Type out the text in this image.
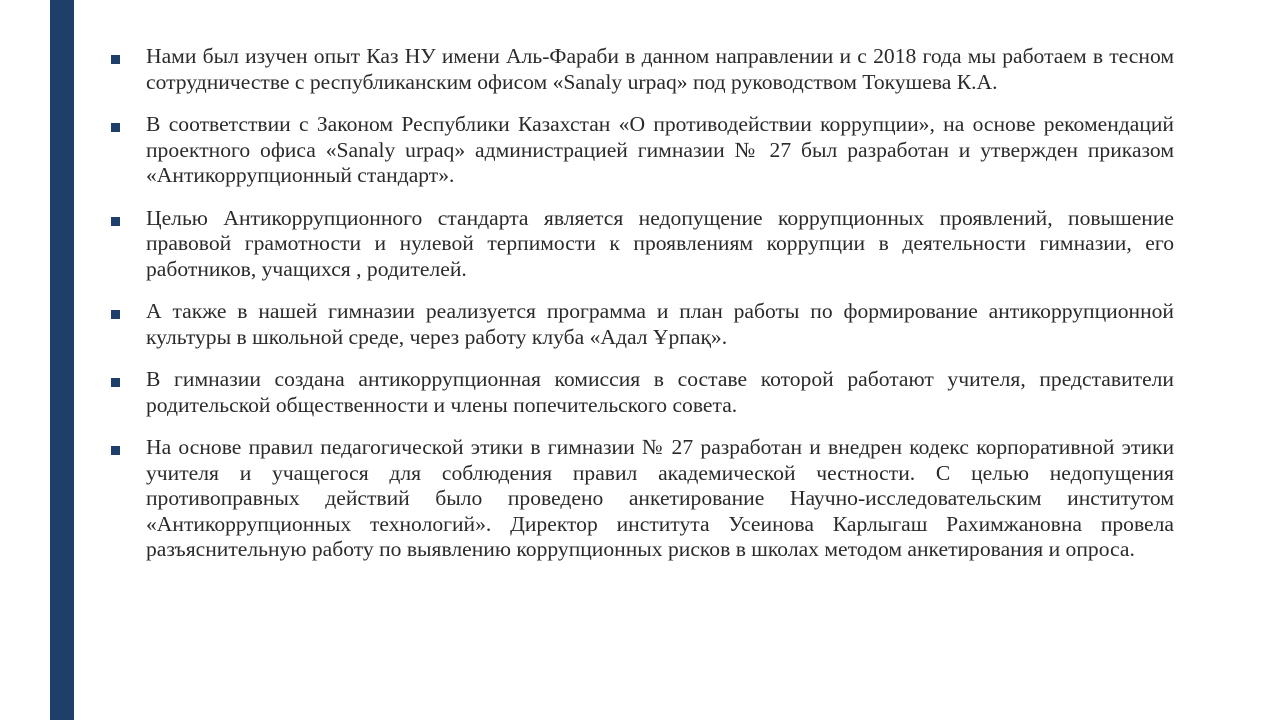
Нами был изучен опыт Каз НУ имени Аль-Фараби в данном направлении и с 2018 года мы работаем в тесном сотрудничестве с республиканским офисом «Sanaly urpaq» под руководством Токушева К.А.
В соответствии с Законом Республики Казахстан «О противодействии коррупции», на основе рекомендаций проектного офиса «Sanaly urpaq» администрацией гимназии № 27 был разработан и утвержден приказом «Антикоррупционный стандарт».
Целью Антикоррупционного стандарта является недопущение коррупционных проявлений, повышение правовой грамотности и нулевой терпимости к проявлениям коррупции в деятельности гимназии, его работников, учащихся , родителей.
А также в нашей гимназии реализуется программа и план работы по формирование антикоррупционной культуры в школьной среде, через работу клуба «Адал Ұрпақ».
В гимназии создана антикоррупционная комиссия в составе которой работают учителя, представители родительской общественности и члены попечительского совета.
На основе правил педагогической этики в гимназии № 27 разработан и внедрен кодекс корпоративной этики учителя и учащегося для соблюдения правил академической честности. С целью недопущения противоправных действий было проведено анкетирование Научно-исследовательским институтом «Антикоррупционных технологий». Директор института Усеинова Карлыгаш Рахимжановна провела разъяснительную работу по выявлению коррупционных рисков в школах методом анкетирования и опроса.
